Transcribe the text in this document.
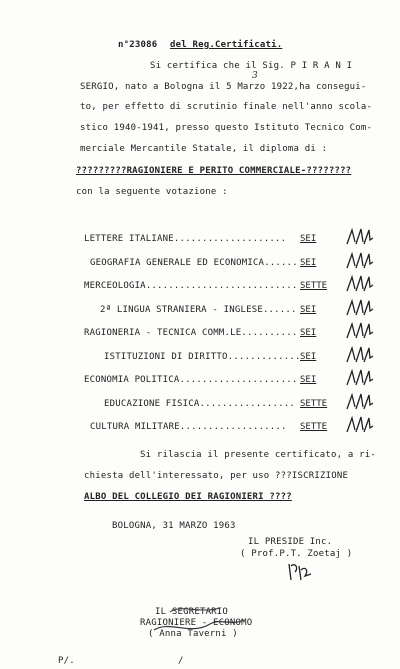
n°23086 del Reg.Certificati.
Si certifica che il Sig. P I R A N I
3
SERGIO, nato a Bologna il 5 Marzo 1922,ha consegui-
to, per effetto di scrutinio finale nell'anno scola-
stico 1940-1941, presso questo Istituto Tecnico Com-
merciale Mercantile Statale, il diploma di :
?????????RAGIONIERE E PERITO COMMERCIALE-????????
con la seguente votazione :
LETTERE ITALIANE.................... SEI
GEOGRAFIA GENERALE ED ECONOMICA...... SEI
MERCEOLOGIA........................... SETTE
2ª LINGUA STRANIERA - INGLESE...... SEI
RAGIONERIA - TECNICA COMM.LE.......... SEI
ISTITUZIONI DI DIRITTO............. SEI
ECONOMIA POLITICA..................... SEI
EDUCAZIONE FISICA................. SETTE
CULTURA MILITARE................... SETTE
Si rilascia il presente certificato, a ri-
chiesta dell'interessato, per uso ???ISCRIZIONE
ALBO DEL COLLEGIO DEI RAGIONIERI ????
BOLOGNA, 31 MARZO 1963
IL PRESIDE Inc.
( Prof.P.T. Zoetaj )
IL SEGRETARIO
RAGIONIERE - ECONOMO
( Anna Taverni )
P/.	/
